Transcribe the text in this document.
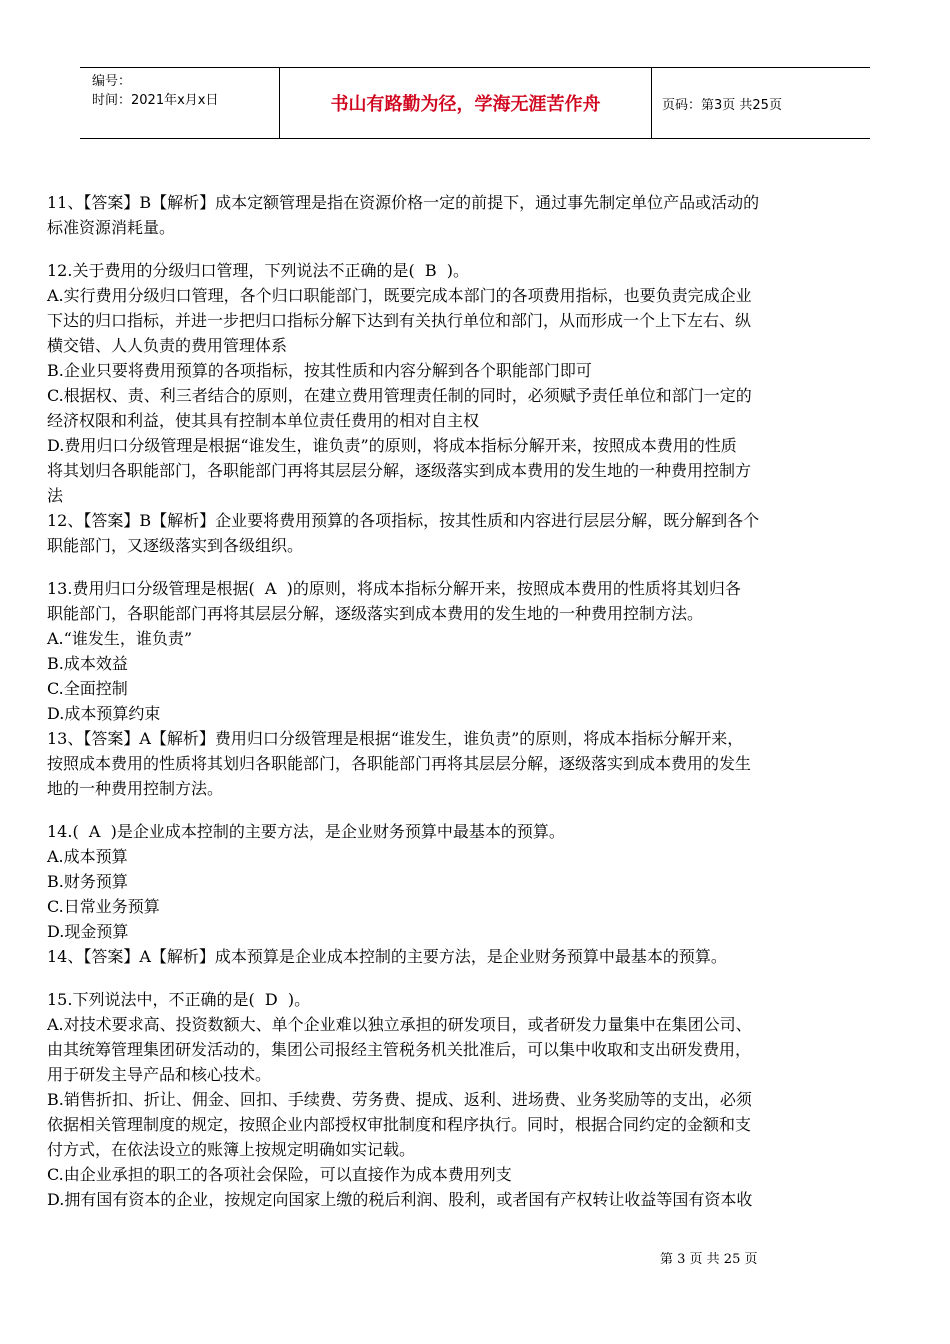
编号：
时间：2021年x月x日	书山有路勤为径，学海无涯苦作舟	页码：第3页 共25页

11、【答案】B【解析】成本定额管理是指在资源价格一定的前提下，通过事先制定单位产品或活动的

标准资源消耗量。

12.关于费用的分级归口管理，下列说法不正确的是(  B  )。

A.实行费用分级归口管理，各个归口职能部门，既要完成本部门的各项费用指标，也要负责完成企业

下达的归口指标，并进一步把归口指标分解下达到有关执行单位和部门，从而形成一个上下左右、纵

横交错、人人负责的费用管理体系

B.企业只要将费用预算的各项指标，按其性质和内容分解到各个职能部门即可

C.根据权、责、利三者结合的原则，在建立费用管理责任制的同时，必须赋予责任单位和部门一定的

经济权限和利益，使其具有控制本单位责任费用的相对自主权

D.费用归口分级管理是根据“谁发生，谁负责”的原则，将成本指标分解开来，按照成本费用的性质

将其划归各职能部门，各职能部门再将其层层分解，逐级落实到成本费用的发生地的一种费用控制方

法

12、【答案】B【解析】企业要将费用预算的各项指标，按其性质和内容进行层层分解，既分解到各个

职能部门，又逐级落实到各级组织。

13.费用归口分级管理是根据(  A  )的原则，将成本指标分解开来，按照成本费用的性质将其划归各

职能部门，各职能部门再将其层层分解，逐级落实到成本费用的发生地的一种费用控制方法。

A.“谁发生，谁负责”

B.成本效益

C.全面控制

D.成本预算约束

13、【答案】A【解析】费用归口分级管理是根据“谁发生，谁负责”的原则，将成本指标分解开来，

按照成本费用的性质将其划归各职能部门，各职能部门再将其层层分解，逐级落实到成本费用的发生

地的一种费用控制方法。

14.(  A  )是企业成本控制的主要方法，是企业财务预算中最基本的预算。

A.成本预算

B.财务预算

C.日常业务预算

D.现金预算

14、【答案】A【解析】成本预算是企业成本控制的主要方法，是企业财务预算中最基本的预算。

15.下列说法中，不正确的是(  D  )。

A.对技术要求高、投资数额大、单个企业难以独立承担的研发项目，或者研发力量集中在集团公司、

由其统筹管理集团研发活动的，集团公司报经主管税务机关批准后，可以集中收取和支出研发费用，

用于研发主导产品和核心技术。

B.销售折扣、折让、佣金、回扣、手续费、劳务费、提成、返利、进场费、业务奖励等的支出，必须

依据相关管理制度的规定，按照企业内部授权审批制度和程序执行。同时，根据合同约定的金额和支

付方式，在依法设立的账簿上按规定明确如实记载。

C.由企业承担的职工的各项社会保险，可以直接作为成本费用列支

D.拥有国有资本的企业，按规定向国家上缴的税后利润、股利，或者国有产权转让收益等国有资本收

第 3 页 共 25 页
